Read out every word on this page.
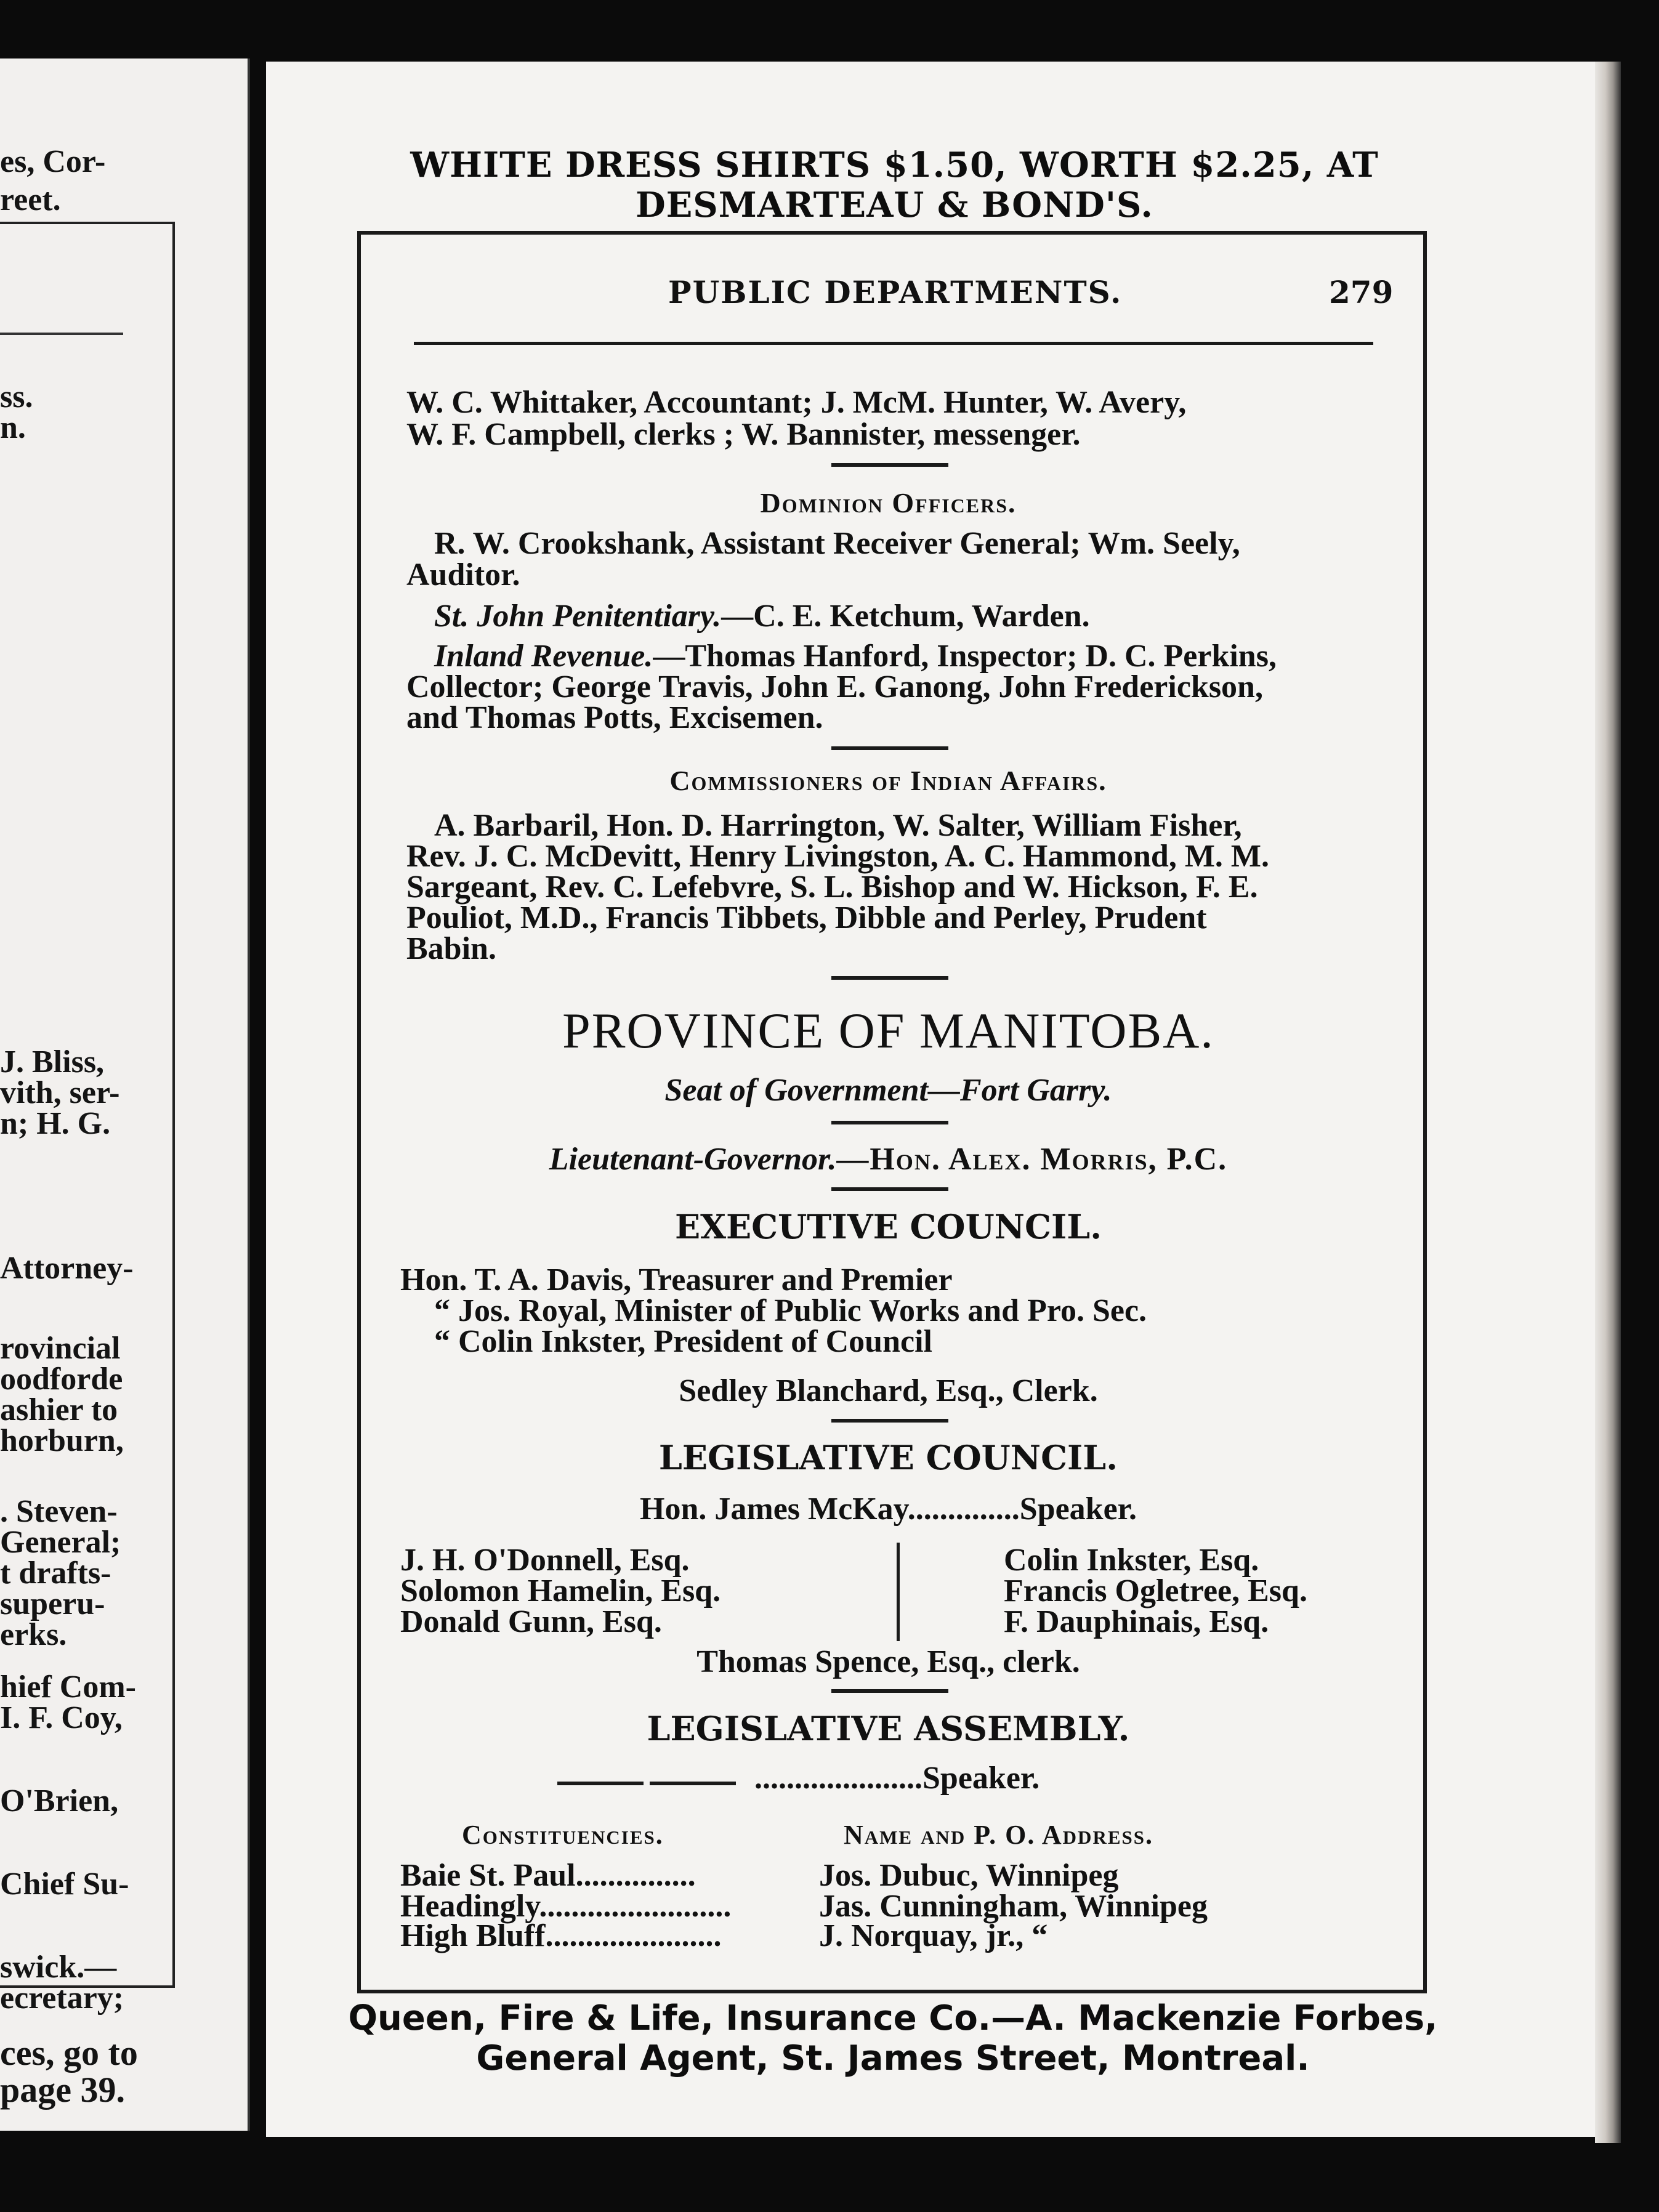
es, Cor-
reet.
ss.
n.
J. Bliss,
vith, ser-
n; H. G.
Attorney-
rovincial
oodforde
ashier to
horburn,
. Steven-
General;
t drafts-
superu-
erks.
hief Com-
I. F. Coy,
O'Brien,
Chief Su-
swick.—
ecretary;
ces, go to
page 39.
WHITE DRESS SHIRTS $1.50, WORTH $2.25, AT
DESMARTEAU & BOND'S.
PUBLIC DEPARTMENTS.	279
W. C. Whittaker, Accountant; J. McM. Hunter, W. Avery,
W. F. Campbell, clerks ; W. Bannister, messenger.
Dominion Officers.
R. W. Crookshank, Assistant Receiver General; Wm. Seely,
Auditor.
St. John Penitentiary.—C. E. Ketchum, Warden.
Inland Revenue.—Thomas Hanford, Inspector; D. C. Perkins,
Collector; George Travis, John E. Ganong, John Frederickson,
and Thomas Potts, Excisemen.
Commissioners of Indian Affairs.
A. Barbaril, Hon. D. Harrington, W. Salter, William Fisher,
Rev. J. C. McDevitt, Henry Livingston, A. C. Hammond, M. M.
Sargeant, Rev. C. Lefebvre, S. L. Bishop and W. Hickson, F. E.
Pouliot, M.D., Francis Tibbets, Dibble and Perley, Prudent
Babin.
PROVINCE OF MANITOBA.
Seat of Government—Fort Garry.
Lieutenant-Governor.—Hon. Alex. Morris, P.C.
EXECUTIVE COUNCIL.
Hon. T. A. Davis, Treasurer and Premier
“ Jos. Royal, Minister of Public Works and Pro. Sec.
“ Colin Inkster, President of Council
Sedley Blanchard, Esq., Clerk.
LEGISLATIVE COUNCIL.
Hon. James McKay..............Speaker.
J. H. O'Donnell, Esq.
Solomon Hamelin, Esq.
Donald Gunn, Esq.
Colin Inkster, Esq.
Francis Ogletree, Esq.
F. Dauphinais, Esq.
Thomas Spence, Esq., clerk.
LEGISLATIVE ASSEMBLY.
.....................Speaker.
Constituencies.	Name and P. O. Address.
Baie St. Paul...............	Jos. Dubuc, Winnipeg
Headingly........................	Jas. Cunningham, Winnipeg
High Bluff......................	J. Norquay, jr., “
Queen, Fire & Life, Insurance Co.—A. Mackenzie Forbes,
General Agent, St. James Street, Montreal.
